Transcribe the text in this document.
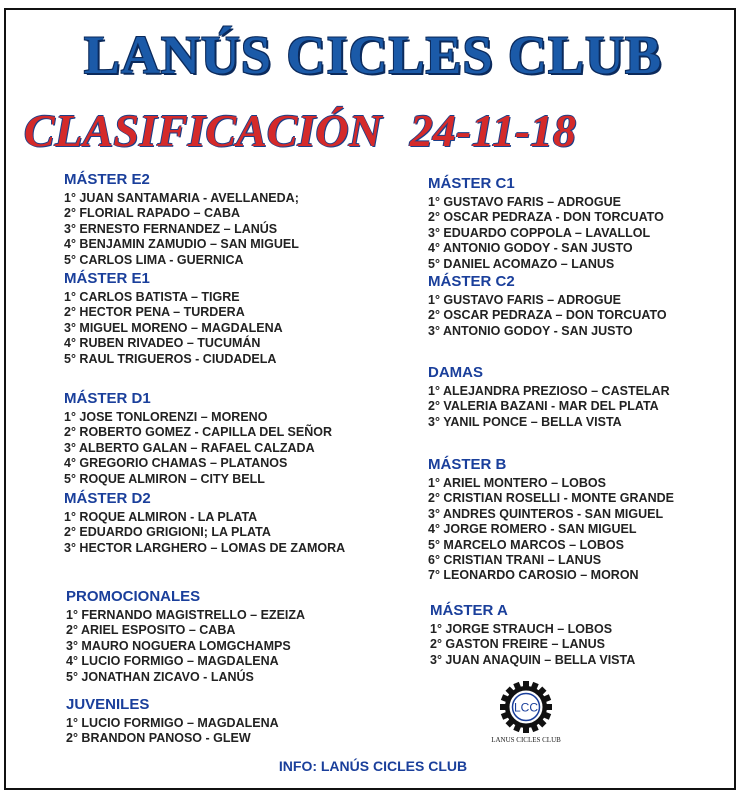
LANÚS CICLES CLUB
CLASIFICACIÓN 24-11-18
MÁSTER E2
1° JUAN SANTAMARIA - AVELLANEDA;
2° FLORIAL RAPADO – CABA
3° ERNESTO FERNANDEZ – LANÚS
4° BENJAMIN ZAMUDIO – SAN MIGUEL
5° CARLOS LIMA - GUERNICA
MÁSTER E1
1° CARLOS BATISTA – TIGRE
2° HECTOR PENA – TURDERA
3° MIGUEL MORENO – MAGDALENA
4° RUBEN RIVADEO – TUCUMÁN
5° RAUL TRIGUEROS - CIUDADELA
MÁSTER D1
1° JOSE TONLORENZI – MORENO
2° ROBERTO GOMEZ - CAPILLA DEL SEÑOR
3° ALBERTO GALAN – RAFAEL CALZADA
4° GREGORIO CHAMAS – PLATANOS
5° ROQUE ALMIRON – CITY BELL
MÁSTER D2
1° ROQUE ALMIRON - LA PLATA
2° EDUARDO GRIGIONI; LA PLATA
3° HECTOR LARGHERO – LOMAS DE ZAMORA
PROMOCIONALES
1° FERNANDO MAGISTRELLO – EZEIZA
2° ARIEL ESPOSITO – CABA
3° MAURO NOGUERA LOMGCHAMPS
4° LUCIO FORMIGO – MAGDALENA
5° JONATHAN ZICAVO - LANÚS
JUVENILES
1° LUCIO FORMIGO – MAGDALENA
2° BRANDON PANOSO - GLEW
MÁSTER C1
1° GUSTAVO FARIS – ADROGUE
2° OSCAR PEDRAZA - DON TORCUATO
3° EDUARDO COPPOLA – LAVALLOL
4° ANTONIO GODOY - SAN JUSTO
5° DANIEL ACOMAZO – LANUS
MÁSTER C2
1° GUSTAVO FARIS – ADROGUE
2° OSCAR PEDRAZA – DON TORCUATO
3° ANTONIO GODOY - SAN JUSTO
DAMAS
1° ALEJANDRA PREZIOSO – CASTELAR
2° VALERIA BAZANI - MAR DEL PLATA
3° YANIL PONCE – BELLA VISTA
MÁSTER B
1° ARIEL MONTERO – LOBOS
2° CRISTIAN ROSELLI - MONTE GRANDE
3° ANDRES QUINTEROS - SAN MIGUEL
4° JORGE ROMERO - SAN MIGUEL
5° MARCELO MARCOS – LOBOS
6° CRISTIAN TRANI – LANUS
7° LEONARDO CAROSIO – MORON
MÁSTER A
1° JORGE STRAUCH – LOBOS
2° GASTON FREIRE – LANUS
3° JUAN ANAQUIN – BELLA VISTA
LCC
LANUS CICLES CLUB
INFO: LANÚS CICLES CLUB
